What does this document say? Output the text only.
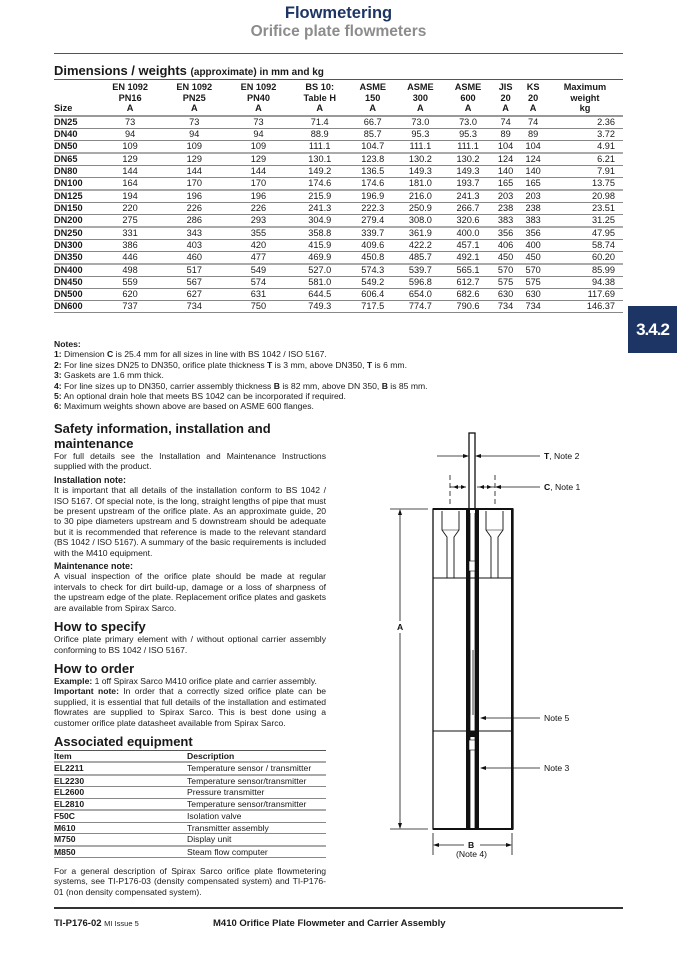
Flowmetering
Orifice plate flowmeters
Dimensions / weights (approximate) in mm and kg
	EN 1092	EN 1092	EN 1092	BS 10:	ASME	ASME	ASME	JIS	KS	Maximum
	PN16	PN25	PN40	Table H	150	300	600	20	20	weight
Size	A	A	A	A	A	A	A	A	A	kg
DN25	73	73	73	71.4	66.7	73.0	73.0	74	74	2.36
DN40	94	94	94	88.9	85.7	95.3	95.3	89	89	3.72
DN50	109	109	109	111.1	104.7	111.1	111.1	104	104	4.91
DN65	129	129	129	130.1	123.8	130.2	130.2	124	124	6.21
DN80	144	144	144	149.2	136.5	149.3	149.3	140	140	7.91
DN100	164	170	170	174.6	174.6	181.0	193.7	165	165	13.75
DN125	194	196	196	215.9	196.9	216.0	241.3	203	203	20.98
DN150	220	226	226	241.3	222.3	250.9	266.7	238	238	23.51
DN200	275	286	293	304.9	279.4	308.0	320.6	383	383	31.25
DN250	331	343	355	358.8	339.7	361.9	400.0	356	356	47.95
DN300	386	403	420	415.9	409.6	422.2	457.1	406	400	58.74
DN350	446	460	477	469.9	450.8	485.7	492.1	450	450	60.20
DN400	498	517	549	527.0	574.3	539.7	565.1	570	570	85.99
DN450	559	567	574	581.0	549.2	596.8	612.7	575	575	94.38
DN500	620	627	631	644.5	606.4	654.0	682.6	630	630	117.69
DN600	737	734	750	749.3	717.5	774.7	790.6	734	734	146.37
3.4.2
Notes:
1: Dimension C is 25.4 mm for all sizes in line with BS 1042 / ISO 5167.
2: For line sizes DN25 to DN350, orifice plate thickness T is 3 mm, above DN350, T is 6 mm.
3: Gaskets are 1.6 mm thick.
4: For line sizes up to DN350, carrier assembly thickness B is 82 mm, above DN 350, B is 85 mm.
5: An optional drain hole that meets BS 1042 can be incorporated if required.
6: Maximum weights shown above are based on ASME 600 flanges.
Safety information, installation and maintenance

For full details see the Installation and Maintenance Instructions supplied with the product.

Installation note:

It is important that all details of the installation conform to BS 1042 / ISO 5167. Of special note, is the long, straight lengths of pipe that must be present upstream of the orifice plate. As an approximate guide, 20 to 30 pipe diameters upstream and 5 downstream should be adequate but it is recommended that reference is made to the relevant standard (BS 1042 / ISO 5167). A summary of the basic requirements is included with the M410 equipment.

Maintenance note:

A visual inspection of the orifice plate should be made at regular intervals to check for dirt build-up, damage or a loss of sharpness of the upstream edge of the plate. Replacement orifice plates and gaskets are available from Spirax Sarco.

How to specify

Orifice plate primary element with / without optional carrier assembly conforming to BS 1042 / ISO 5167.

How to order

Example: 1 off Spirax Sarco M410 orifice plate and carrier assembly.

Important note: In order that a correctly sized orifice plate can be supplied, it is essential that full details of the installation and estimated flowrates are supplied to Spirax Sarco. This is best done using a customer orifice plate datasheet available from Spirax Sarco.

Associated equipment
Item	Description
EL2211	Temperature sensor / transmitter
EL2230	Temperature sensor/transmitter
EL2600	Pressure transmitter
EL2810	Temperature sensor/transmitter
F50C	Isolation valve
M610	Transmitter assembly
M750	Display unit
M850	Steam flow computer

For a general description of Spirax Sarco orifice plate flowmetering systems, see TI-P176-03 (density compensated system) and TI-P176-01 (non density compensated system).

T, Note 2
C, Note 1
A
Note 5
Note 3
B
(Note 4)
TI-P176-02 MI Issue 5	M410 Orifice Plate Flowmeter and Carrier Assembly
